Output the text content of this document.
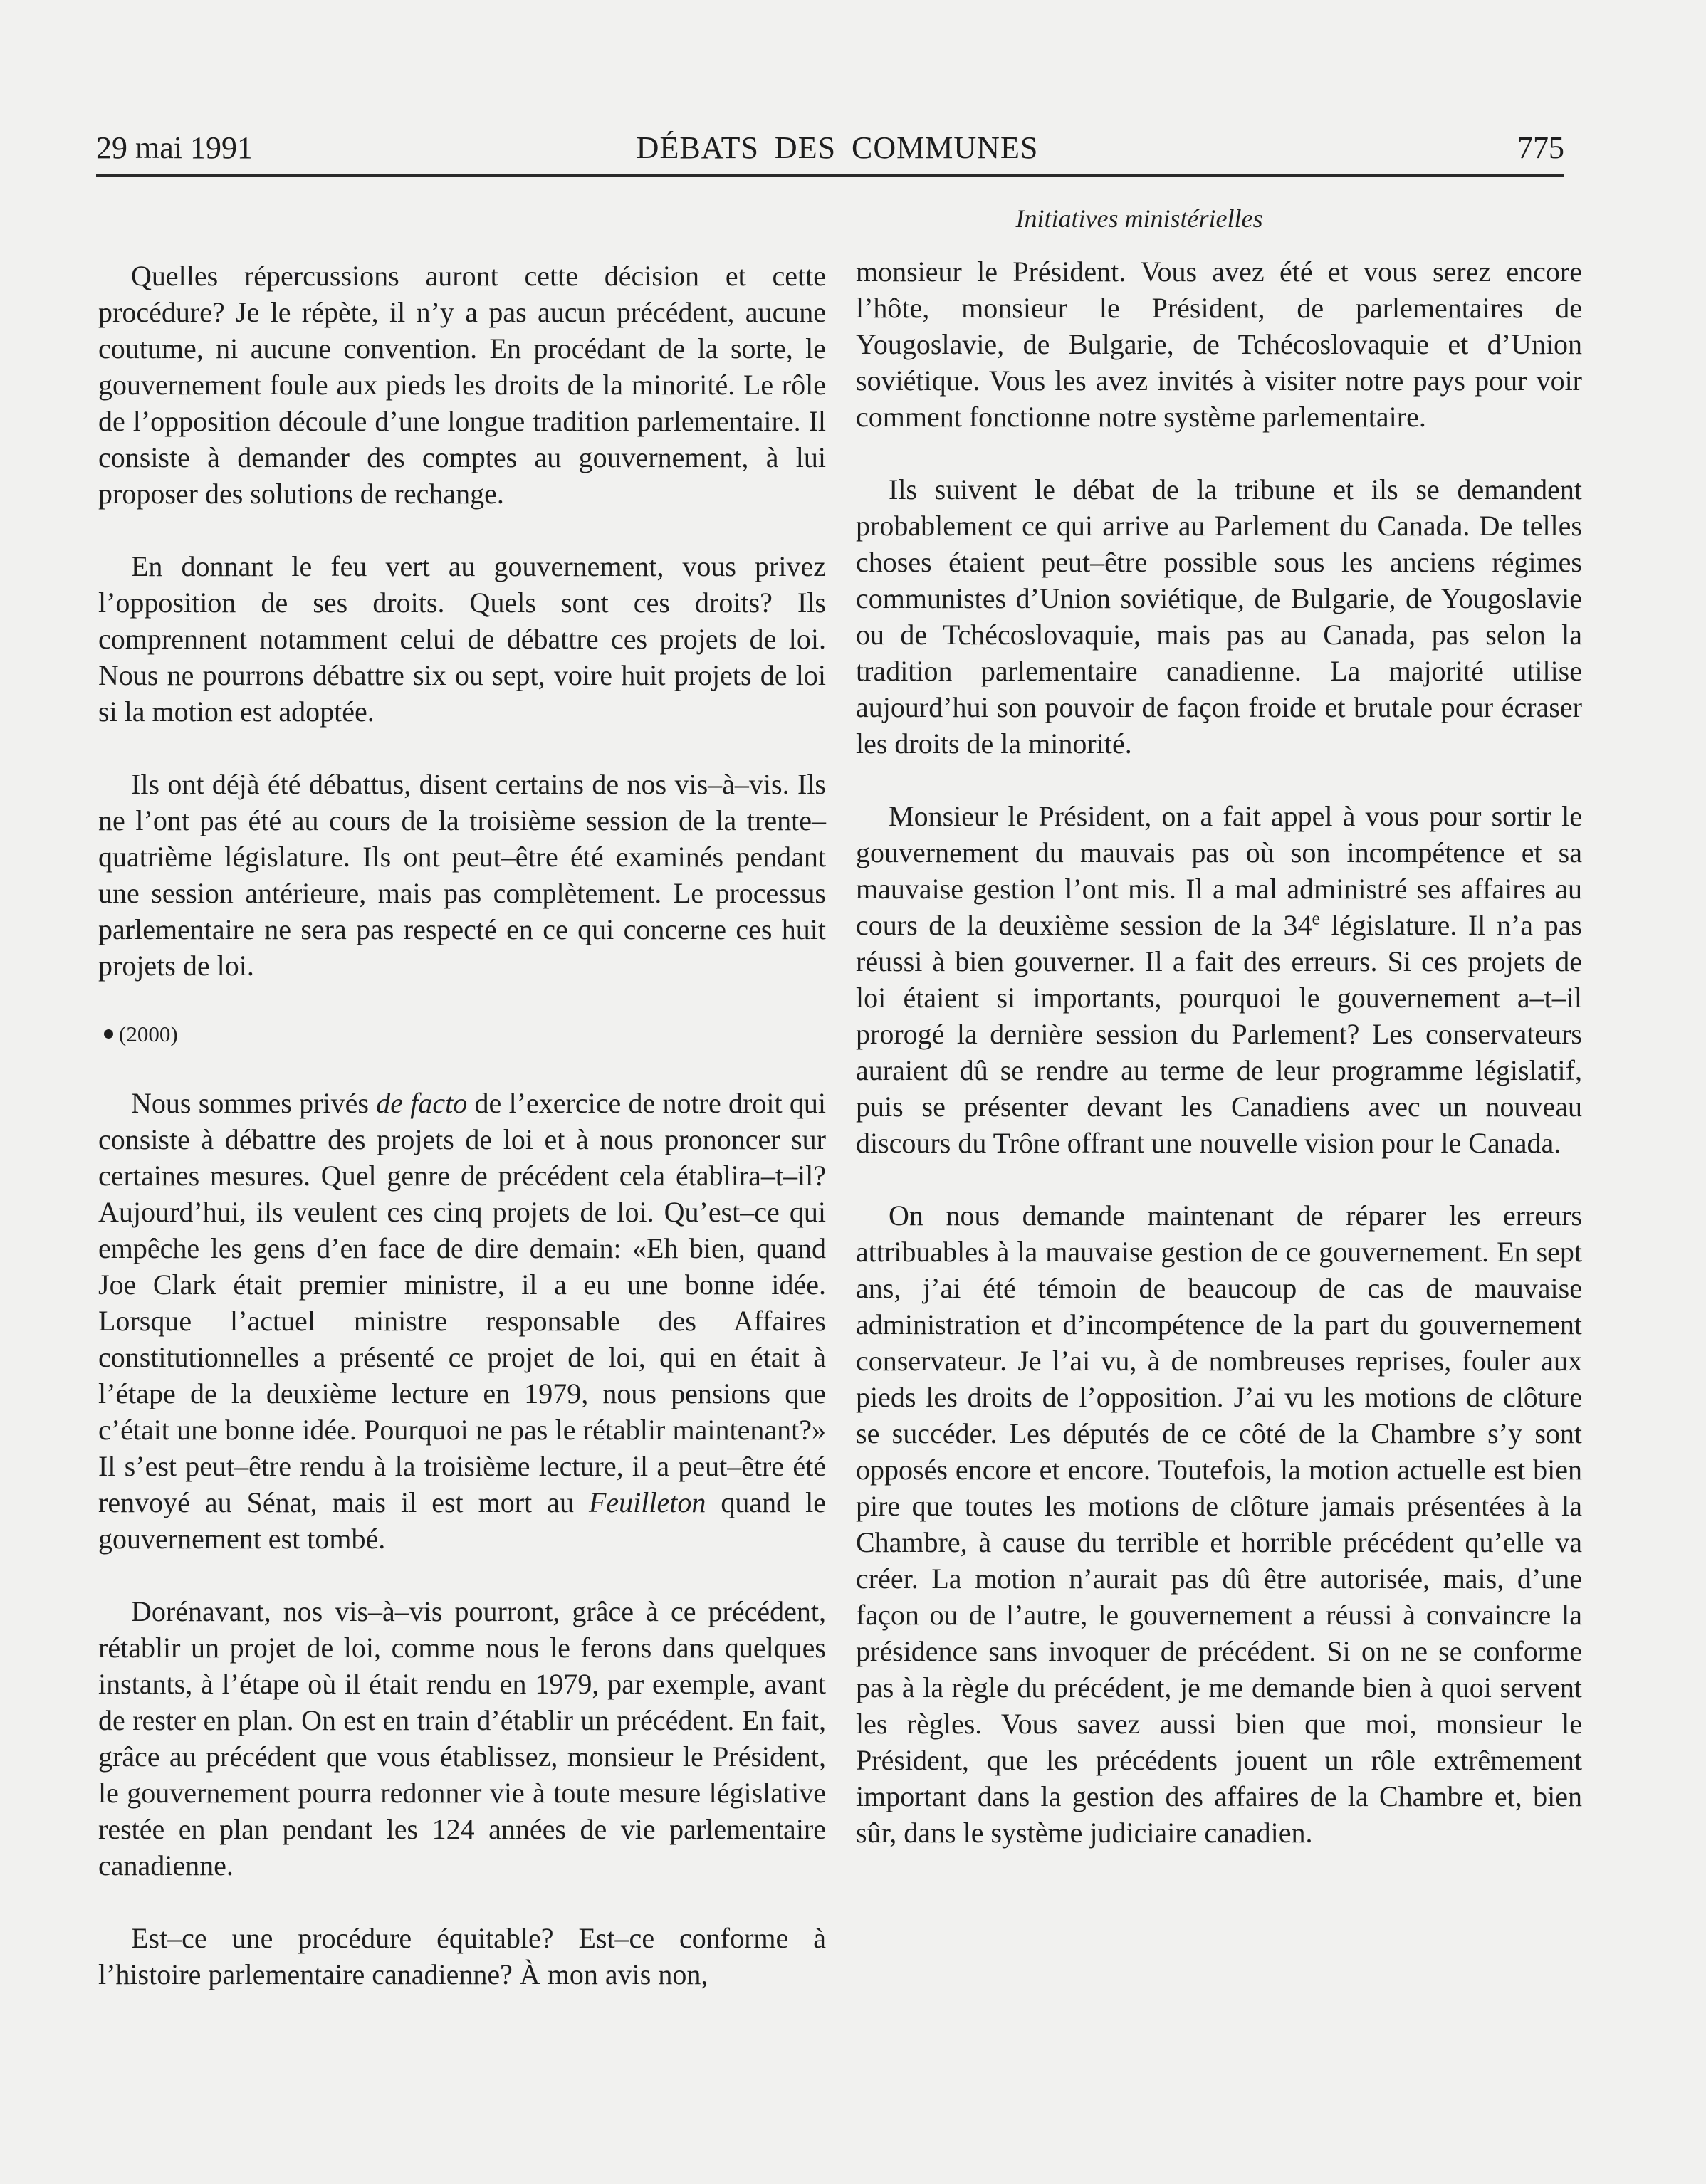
29 mai 1991	DÉBATS DES COMMUNES	775
Initiatives ministérielles

Quelles répercussions auront cette décision et cette procédure? Je le répète, il n’y a pas aucun précédent, aucune coutume, ni aucune convention. En procédant de la sorte, le gouvernement foule aux pieds les droits de la minorité. Le rôle de l’opposition découle d’une longue tradition parlementaire. Il consiste à demander des comptes au gouvernement, à lui proposer des solutions de rechange.

En donnant le feu vert au gouvernement, vous privez l’opposition de ses droits. Quels sont ces droits? Ils comprennent notamment celui de débattre ces projets de loi. Nous ne pourrons débattre six ou sept, voire huit projets de loi si la motion est adoptée.

Ils ont déjà été débattus, disent certains de nos vis–à–vis. Ils ne l’ont pas été au cours de la troisième session de la trente–quatrième législature. Ils ont peut–être été examinés pendant une session antérieure, mais pas complètement. Le processus parlementaire ne sera pas respecté en ce qui concerne ces huit projets de loi.

(2000)

Nous sommes privés de facto de l’exercice de notre droit qui consiste à débattre des projets de loi et à nous prononcer sur certaines mesures. Quel genre de précédent cela établira–t–il? Aujourd’hui, ils veulent ces cinq projets de loi. Qu’est–ce qui empêche les gens d’en face de dire demain: «Eh bien, quand Joe Clark était premier ministre, il a eu une bonne idée. Lorsque l’actuel ministre responsable des Affaires constitutionnelles a présenté ce projet de loi, qui en était à l’étape de la deuxième lecture en 1979, nous pensions que c’était une bonne idée. Pourquoi ne pas le rétablir maintenant?» Il s’est peut–être rendu à la troisième lecture, il a peut–être été renvoyé au Sénat, mais il est mort au Feuilleton quand le gouvernement est tombé.

Dorénavant, nos vis–à–vis pourront, grâce à ce précédent, rétablir un projet de loi, comme nous le ferons dans quelques instants, à l’étape où il était rendu en 1979, par exemple, avant de rester en plan. On est en train d’établir un précédent. En fait, grâce au précédent que vous établissez, monsieur le Président, le gouvernement pourra redonner vie à toute mesure législative restée en plan pendant les 124 années de vie parlementaire canadienne.

Est–ce une procédure équitable? Est–ce conforme à l’histoire parlementaire canadienne? À mon avis non,

monsieur le Président. Vous avez été et vous serez encore l’hôte, monsieur le Président, de parlementaires de Yougoslavie, de Bulgarie, de Tchécoslovaquie et d’Union soviétique. Vous les avez invités à visiter notre pays pour voir comment fonctionne notre système parlementaire.

Ils suivent le débat de la tribune et ils se demandent probablement ce qui arrive au Parlement du Canada. De telles choses étaient peut–être possible sous les anciens régimes communistes d’Union soviétique, de Bulgarie, de Yougoslavie ou de Tchécoslovaquie, mais pas au Canada, pas selon la tradition parlementaire canadienne. La majorité utilise aujourd’hui son pouvoir de façon froide et brutale pour écraser les droits de la minorité.

Monsieur le Président, on a fait appel à vous pour sortir le gouvernement du mauvais pas où son incompétence et sa mauvaise gestion l’ont mis. Il a mal administré ses affaires au cours de la deuxième session de la 34e législature. Il n’a pas réussi à bien gouverner. Il a fait des erreurs. Si ces projets de loi étaient si importants, pourquoi le gouvernement a–t–il prorogé la dernière session du Parlement? Les conservateurs auraient dû se rendre au terme de leur programme législatif, puis se présenter devant les Canadiens avec un nouveau discours du Trône offrant une nouvelle vision pour le Canada.

On nous demande maintenant de réparer les erreurs attribuables à la mauvaise gestion de ce gouvernement. En sept ans, j’ai été témoin de beaucoup de cas de mauvaise administration et d’incompétence de la part du gouvernement conservateur. Je l’ai vu, à de nombreuses reprises, fouler aux pieds les droits de l’opposition. J’ai vu les motions de clôture se succéder. Les députés de ce côté de la Chambre s’y sont opposés encore et encore. Toutefois, la motion actuelle est bien pire que toutes les motions de clôture jamais présentées à la Chambre, à cause du terrible et horrible précédent qu’elle va créer. La motion n’aurait pas dû être autorisée, mais, d’une façon ou de l’autre, le gouvernement a réussi à convaincre la présidence sans invoquer de précédent. Si on ne se conforme pas à la règle du précédent, je me demande bien à quoi servent les règles. Vous savez aussi bien que moi, monsieur le Président, que les précédents jouent un rôle extrêmement important dans la gestion des affaires de la Chambre et, bien sûr, dans le système judiciaire canadien.
